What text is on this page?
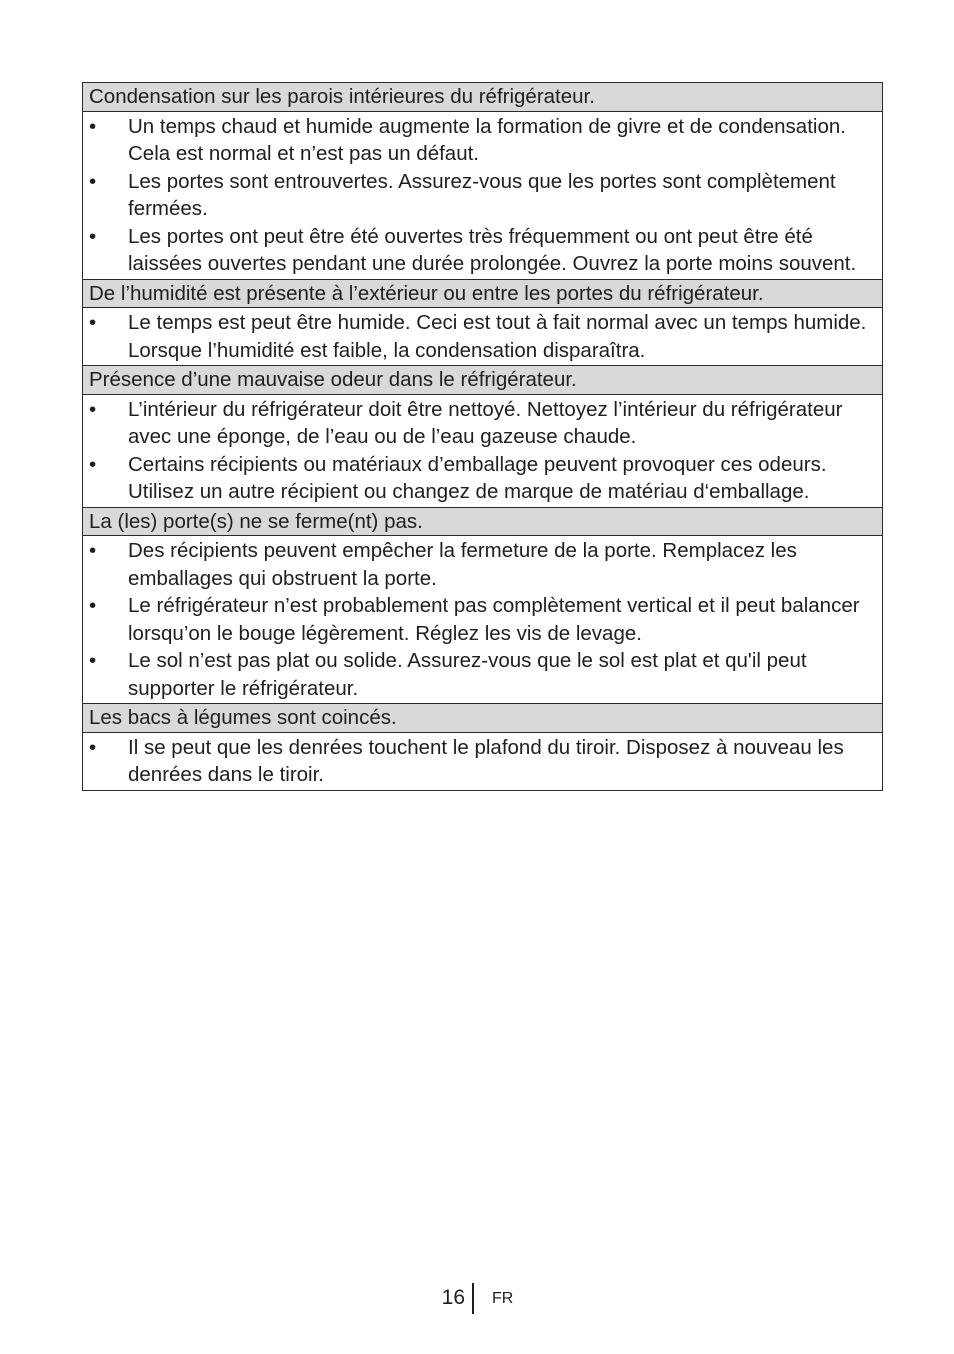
Condensation sur les parois intérieures du réfrigérateur.
•	Un temps chaud et humide augmente la formation de givre et de condensation. Cela est normal et n’est pas un défaut.
•	Les portes sont entrouvertes. Assurez-vous que les portes sont complètement fermées.
•	Les portes ont peut être été ouvertes très fréquemment ou ont peut être été laissées ouvertes pendant une durée prolongée. Ouvrez la porte moins souvent.
De l’humidité est présente à l’extérieur ou entre les portes du réfrigérateur.
•	Le temps est peut être humide. Ceci est tout à fait normal avec un temps humide. Lorsque l’humidité est faible, la condensation disparaîtra.
Présence d’une mauvaise odeur dans le réfrigérateur.
•	L’intérieur du réfrigérateur doit être nettoyé. Nettoyez l’intérieur du réfrigérateur avec une éponge, de l’eau ou de l’eau gazeuse chaude.
•	Certains récipients ou matériaux d’emballage peuvent provoquer ces odeurs. Utilisez un autre récipient ou changez de marque de matériau d‘emballage.
La (les) porte(s) ne se ferme(nt) pas.
•	Des récipients peuvent empêcher la fermeture de la porte. Remplacez les emballages qui obstruent la porte.
•	Le réfrigérateur n’est probablement pas complètement vertical et il peut balancer lorsqu’on le bouge légèrement. Réglez les vis de levage.
•	Le sol n’est pas plat ou solide. Assurez-vous que le sol est plat et qu'il peut supporter le réfrigérateur.
Les bacs à légumes sont coincés.
•	Il se peut que les denrées touchent le plafond du tiroir. Disposez à nouveau les denrées dans le tiroir.
16 FR
